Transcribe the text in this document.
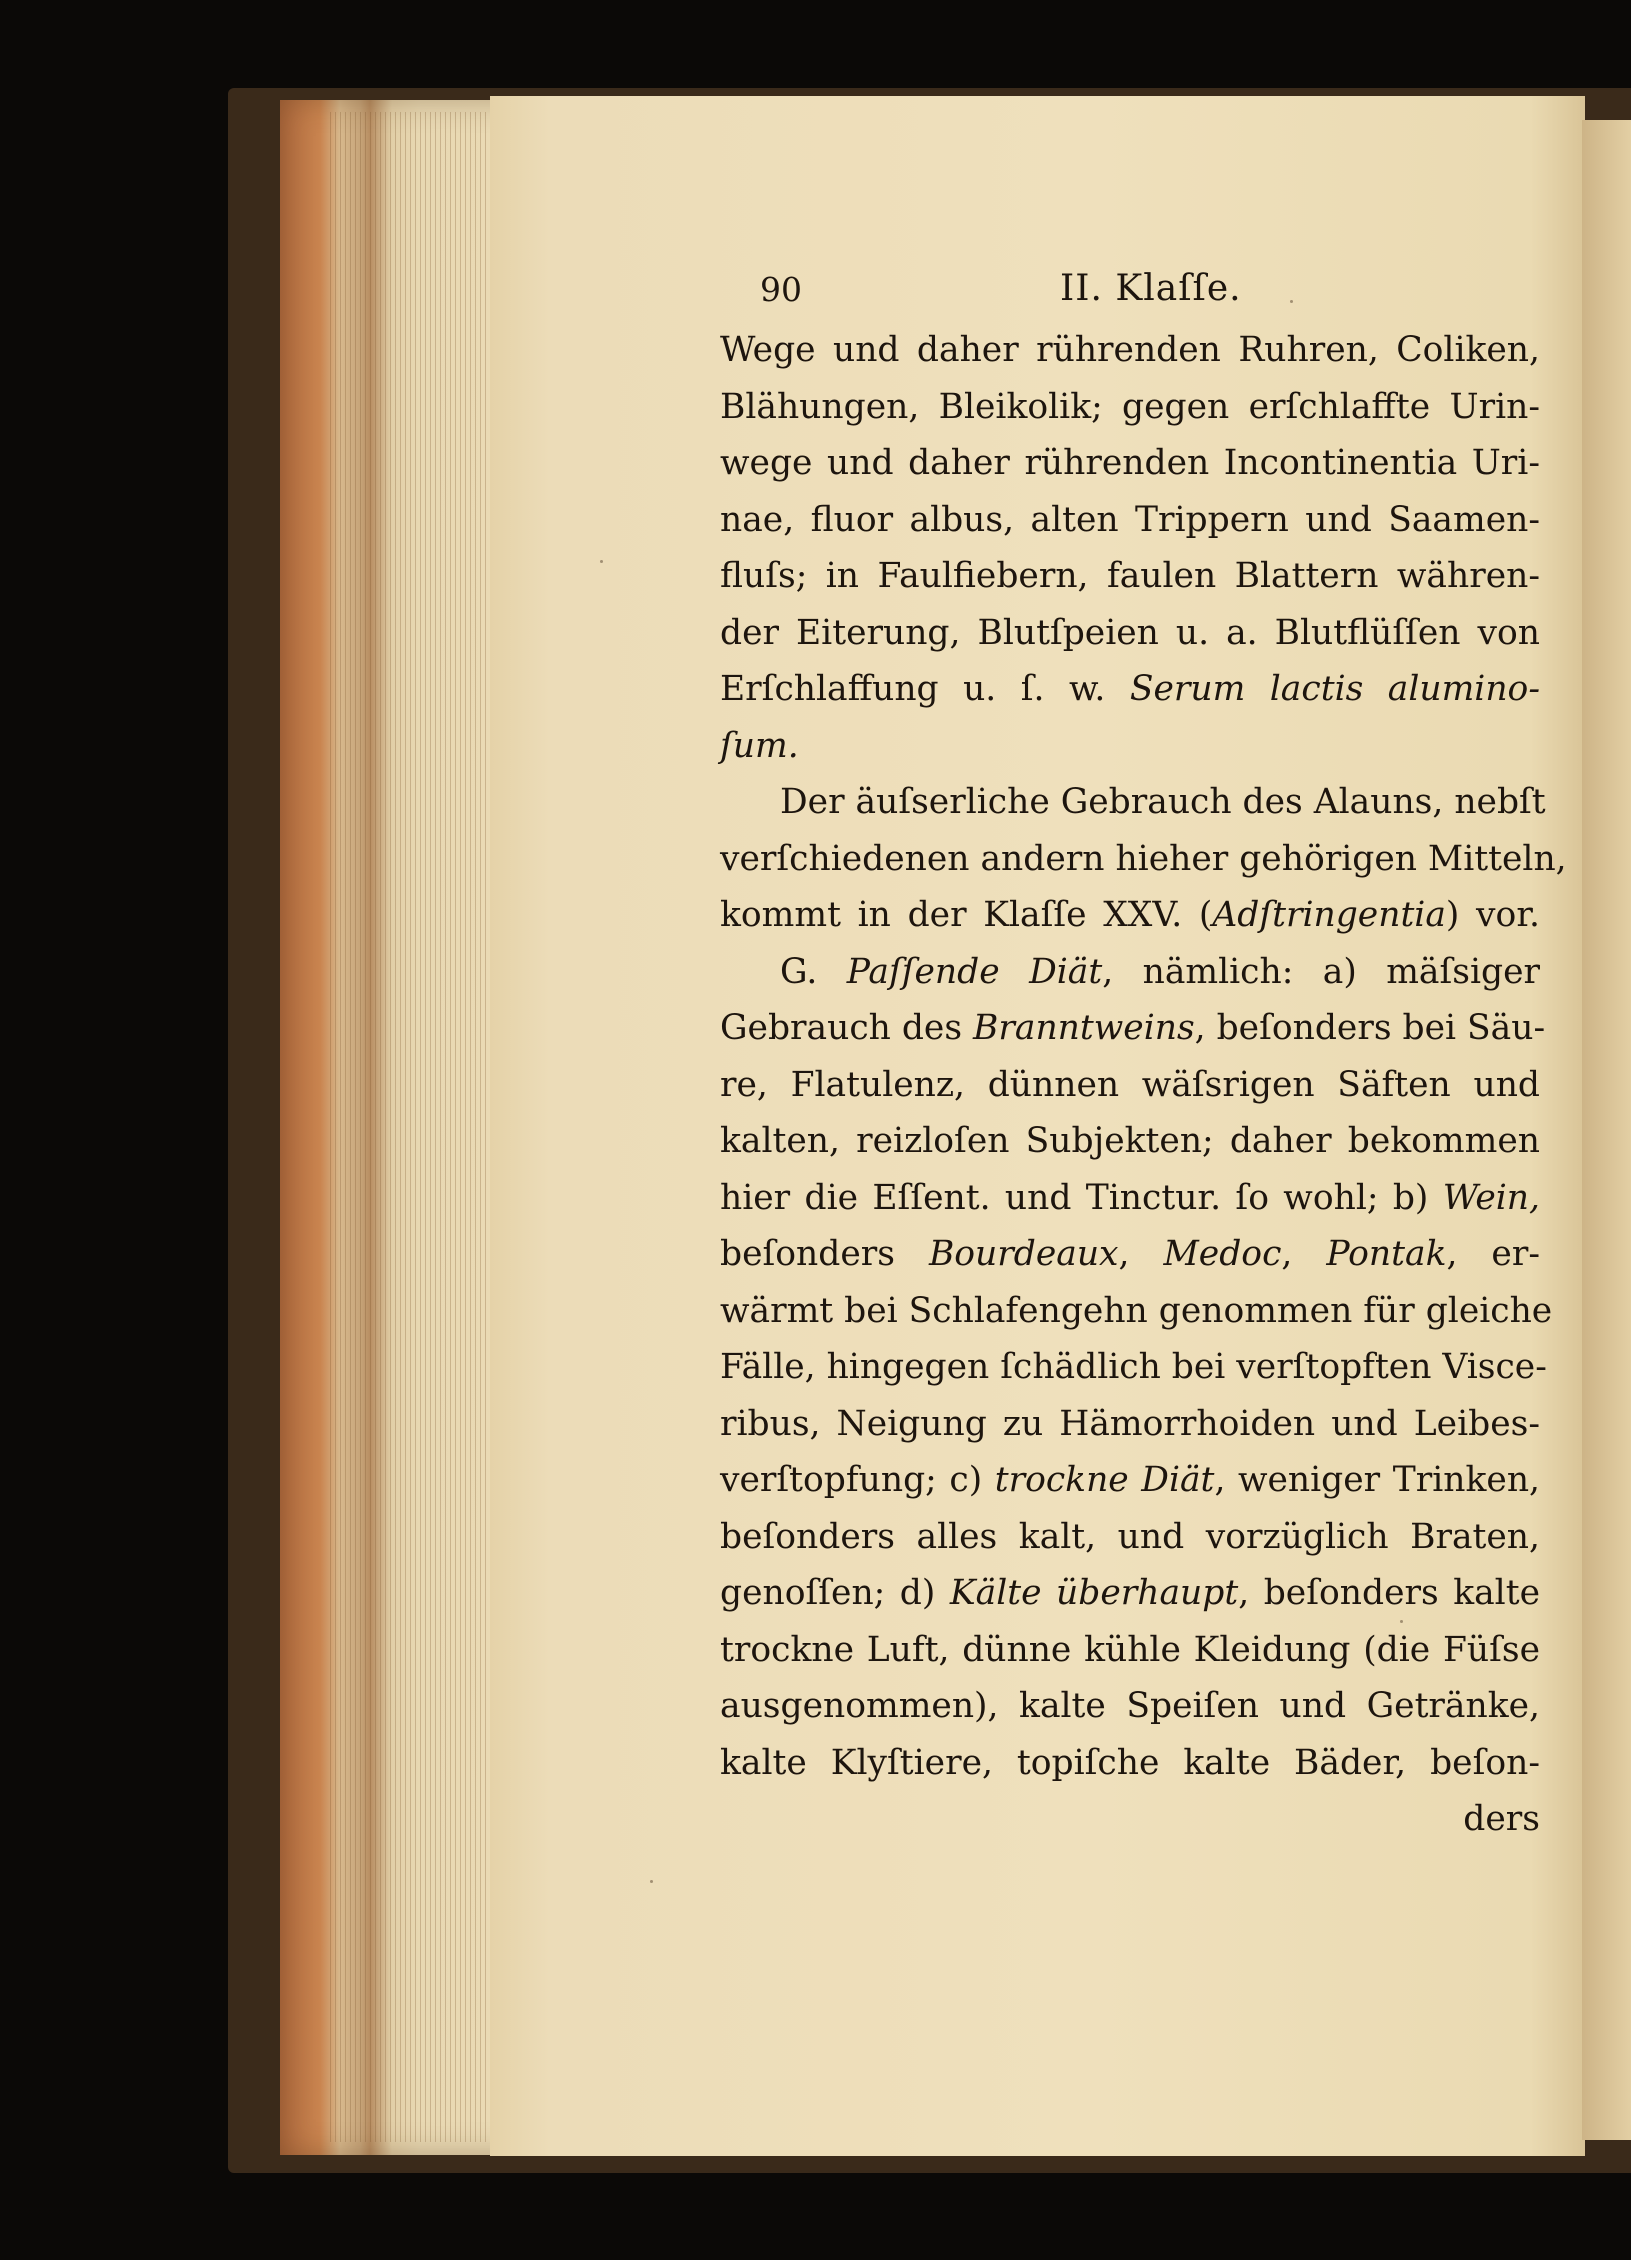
90	II. Klaſſe.

Wege und daher rührenden Ruhren, Coliken,

Blähungen, Bleikolik; gegen erſchlaffte Urin-

wege und daher rührenden Incontinentia Uri-

nae, fluor albus, alten Trippern und Saamen-

fluſs; in Faulfiebern, faulen Blattern währen-

der Eiterung, Blutſpeien u. a. Blutflüſſen von

Erſchlaffung u. ſ. w. Serum lactis alumino-

ſum.

Der äuſserliche Gebrauch des Alauns, nebſt

verſchiedenen andern hieher gehörigen Mitteln,

kommt in der Klaſſe XXV. (Adſtringentia) vor.

G. Paſſende Diät, nämlich: a) mäſsiger

Gebrauch des Branntweins, beſonders bei Säu-

re, Flatulenz, dünnen wäſsrigen Säften und

kalten, reizloſen Subjekten; daher bekommen

hier die Eſſent. und Tinctur. ſo wohl; b) Wein,

beſonders Bourdeaux, Medoc, Pontak, er-

wärmt bei Schlafengehn genommen für gleiche

Fälle, hingegen ſchädlich bei verſtopften Visce-

ribus, Neigung zu Hämorrhoiden und Leibes-

verſtopfung; c) trockne Diät, weniger Trinken,

beſonders alles kalt, und vorzüglich Braten,

genoſſen; d) Kälte überhaupt, beſonders kalte

trockne Luft, dünne kühle Kleidung (die Füſse

ausgenommen), kalte Speiſen und Getränke,

kalte Klyſtiere, topiſche kalte Bäder, beſon-

ders
